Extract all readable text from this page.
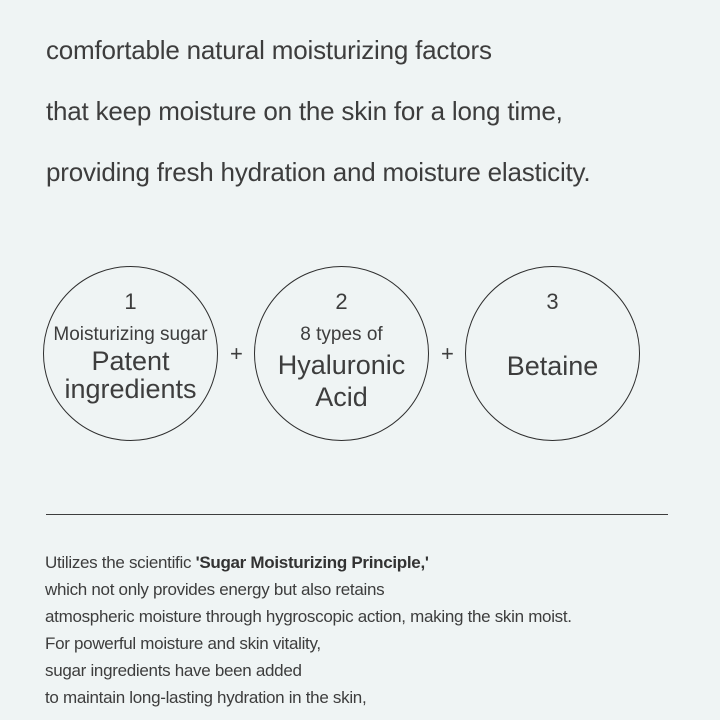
comfortable natural moisturizing factors
that keep moisture on the skin for a long time,
providing fresh hydration and moisture elasticity.
1
Moisturizing sugar
Patent
ingredients
+
2
8 types of
Hyaluronic
Acid
+
3
Betaine
Utilizes the scientific 'Sugar Moisturizing Principle,'
which not only provides energy but also retains
atmospheric moisture through hygroscopic action, making the skin moist.
For powerful moisture and skin vitality,
sugar ingredients have been added
to maintain long-lasting hydration in the skin,
